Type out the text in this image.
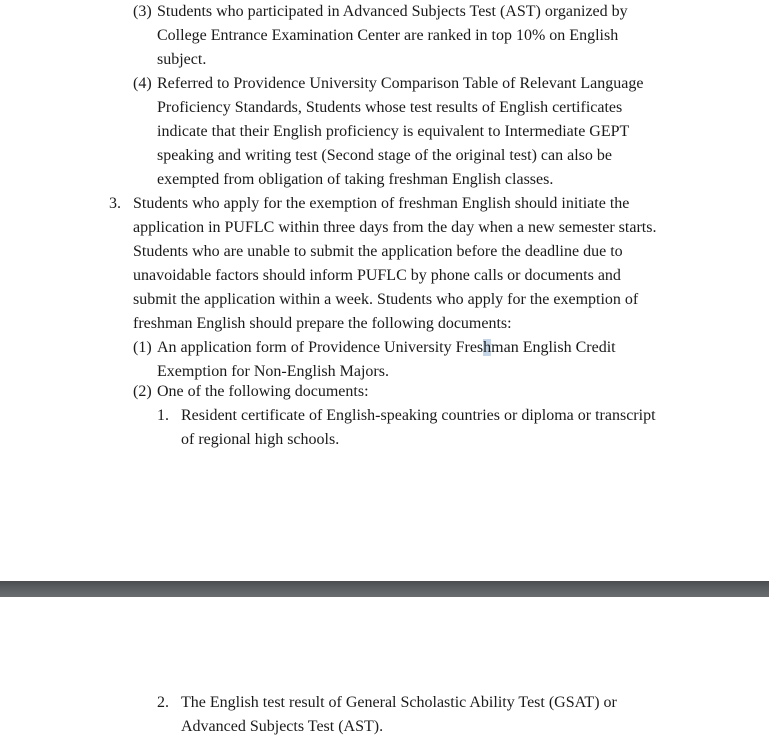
(3) Students who participated in Advanced Subjects Test (AST) organized by
College Entrance Examination Center are ranked in top 10% on English
subject.
(4) Referred to Providence University Comparison Table of Relevant Language
Proficiency Standards, Students whose test results of English certificates
indicate that their English proficiency is equivalent to Intermediate GEPT
speaking and writing test (Second stage of the original test) can also be
exempted from obligation of taking freshman English classes.
3. Students who apply for the exemption of freshman English should initiate the
application in PUFLC within three days from the day when a new semester starts.
Students who are unable to submit the application before the deadline due to
unavoidable factors should inform PUFLC by phone calls or documents and
submit the application within a week. Students who apply for the exemption of
freshman English should prepare the following documents:
(1) An application form of Providence University Freshman English Credit
Exemption for Non-English Majors.
(2) One of the following documents:
1. Resident certificate of English-speaking countries or diploma or transcript
of regional high schools.
2. The English test result of General Scholastic Ability Test (GSAT) or
Advanced Subjects Test (AST).
